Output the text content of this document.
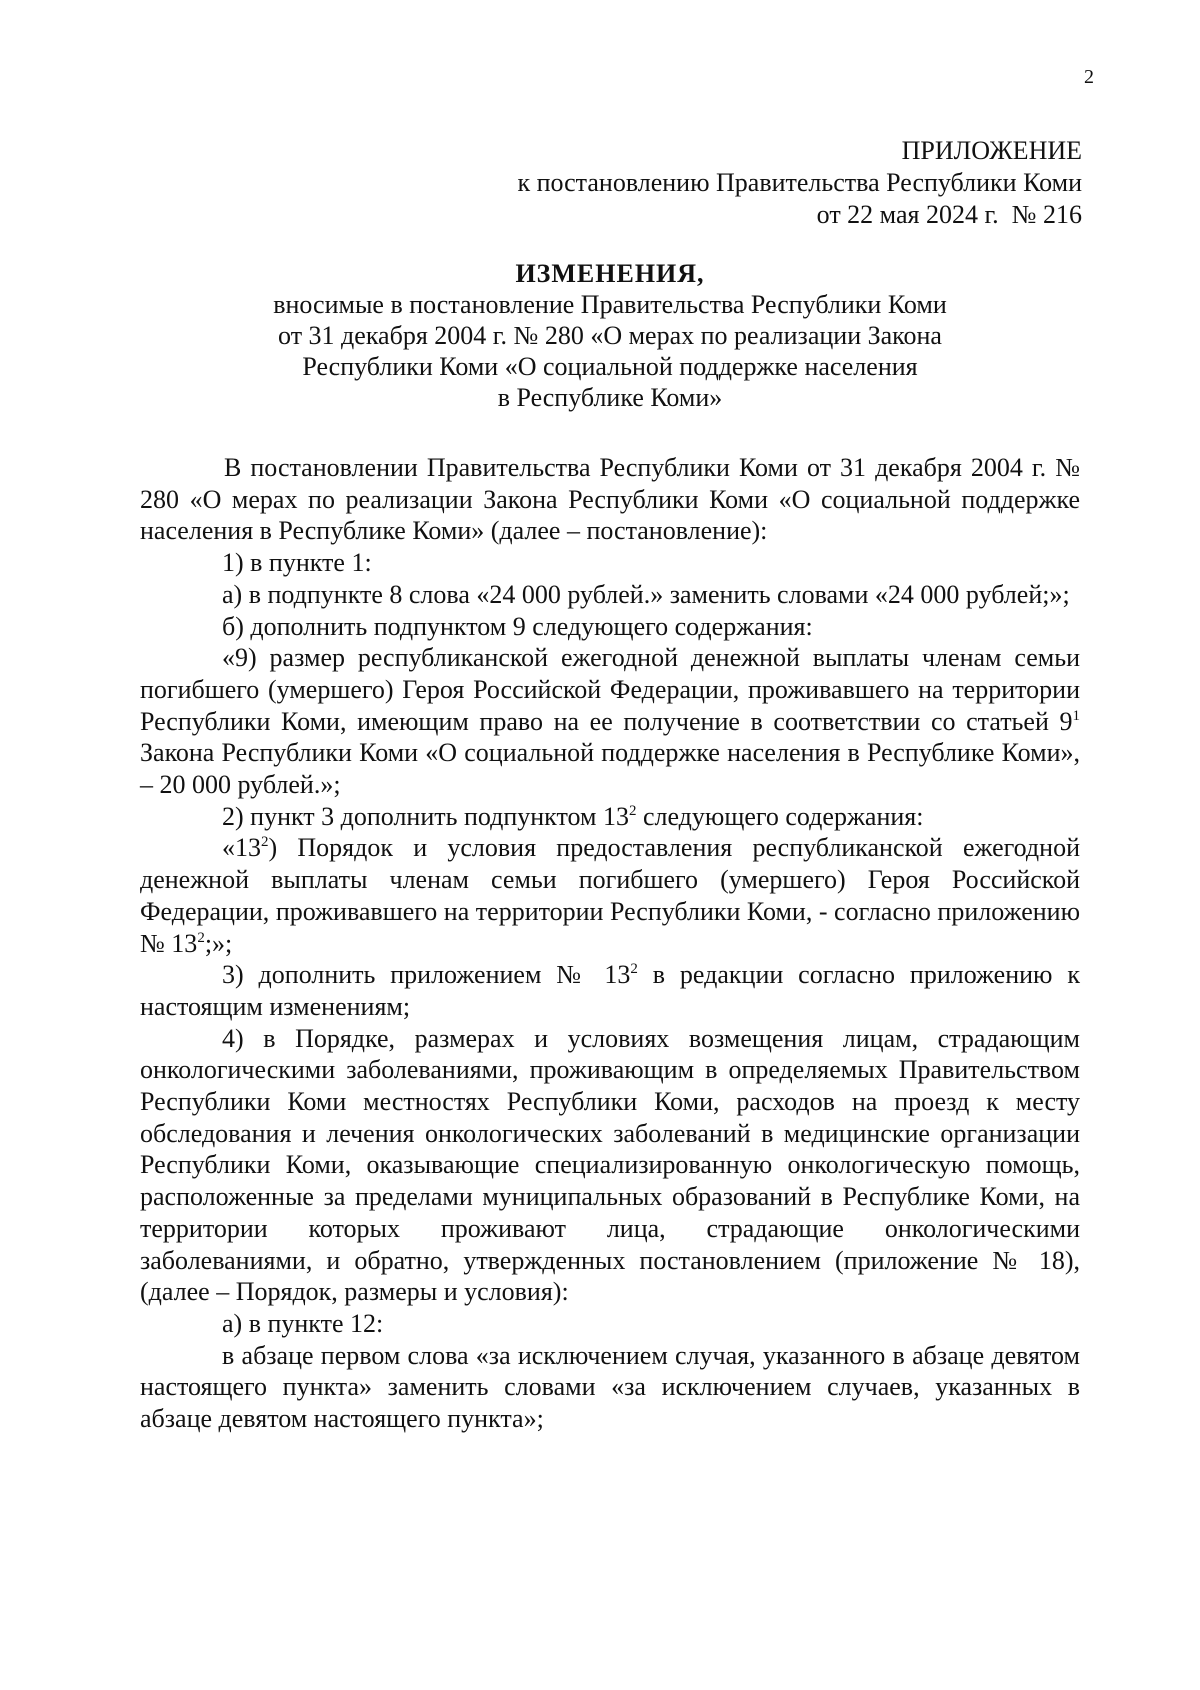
2
ПРИЛОЖЕНИЕ
к постановлению Правительства Республики Коми
от 22 мая 2024 г.  № 216
ИЗМЕНЕНИЯ,
вносимые в постановление Правительства Республики Коми
от 31 декабря 2004 г. № 280 «О мерах по реализации Закона
Республики Коми «О социальной поддержке населения
в Республике Коми»

В постановлении Правительства Республики Коми от 31 декабря 2004 г. № 280 «О мерах по реализации Закона Республики Коми «О социальной поддержке населения в Республике Коми» (далее – постановление):

1) в пункте 1:

а) в подпункте 8 слова «24 000 рублей.» заменить словами «24 000 рублей;»;

б) дополнить подпунктом 9 следующего содержания:

«9) размер республиканской ежегодной денежной выплаты членам семьи погибшего (умершего) Героя Российской Федерации, проживавшего на территории Республики Коми, имеющим право на ее получение в соответствии со статьей $9^1$ Закона Республики Коми «О социальной поддержке населения в Республике Коми», – 20 000 рублей.»;

2) пункт 3 дополнить подпунктом $13^2$ следующего содержания:

«$13^2$) Порядок и условия предоставления республиканской ежегодной денежной выплаты членам семьи погибшего (умершего) Героя Российской Федерации, проживавшего на территории Республики Коми, - согласно приложению № $13^2$;»;

3) дополнить приложением № $13^2$ в редакции согласно приложению к настоящим изменениям;

4) в Порядке, размерах и условиях возмещения лицам, страдающим онкологическими заболеваниями, проживающим в определяемых Правительством Республики Коми местностях Республики Коми, расходов на проезд к месту обследования и лечения онкологических заболеваний в медицинские организации Республики Коми, оказывающие специализированную онкологическую помощь, расположенные за пределами муниципальных образований в Республике Коми, на территории которых проживают лица, страдающие онкологическими заболеваниями, и обратно, утвержденных постановлением (приложение № 18), (далее – Порядок, размеры и условия):

а) в пункте 12:

в абзаце первом слова «за исключением случая, указанного в абзаце девятом настоящего пункта» заменить словами «за исключением случаев, указанных в абзаце девятом настоящего пункта»;
